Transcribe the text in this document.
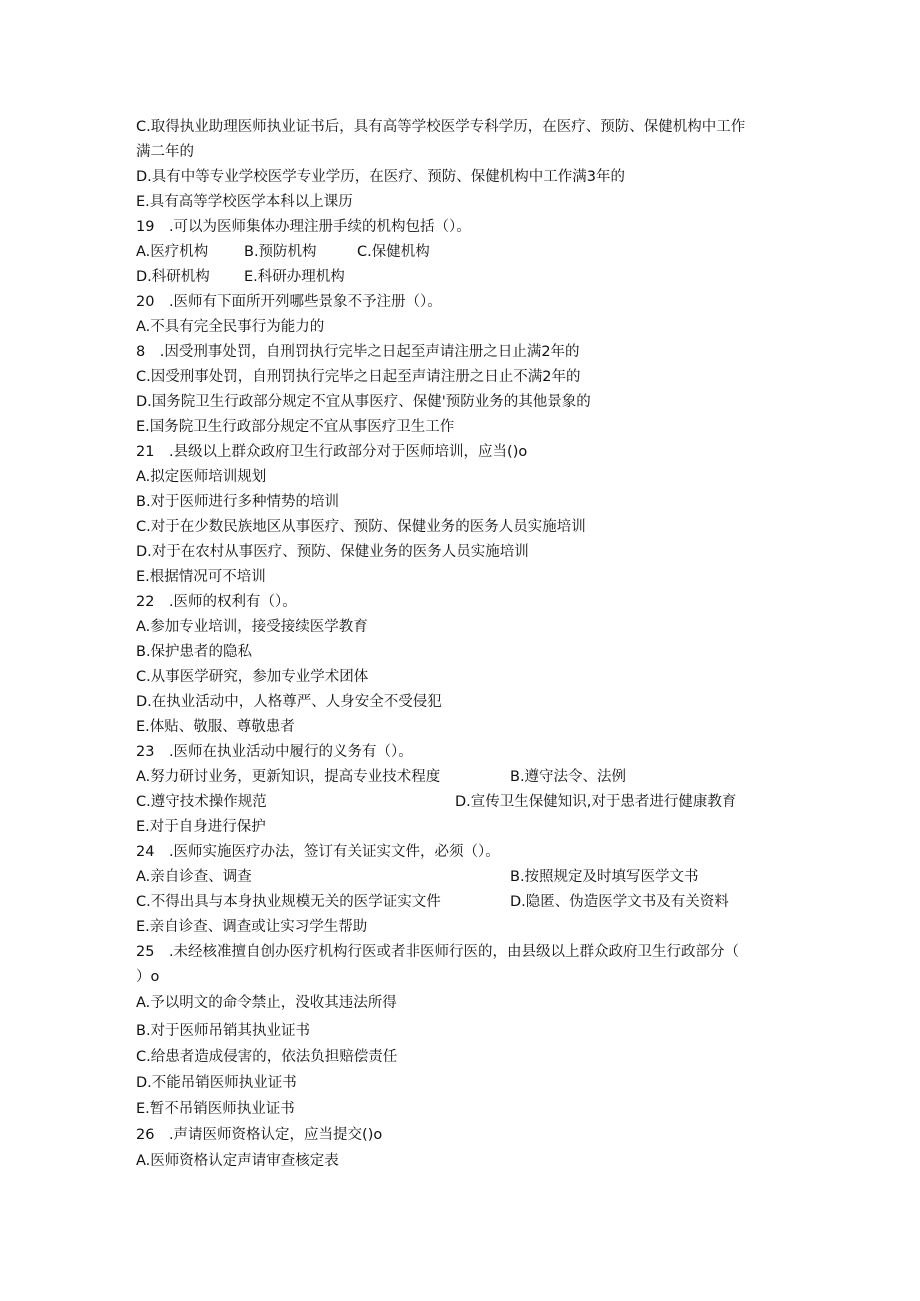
C.取得执业助理医师执业证书后，具有高等学校医学专科学历，在医疗、预防、保健机构中工作
满二年的
D.具有中等专业学校医学专业学历，在医疗、预防、保健机构中工作满3年的
E.具有高等学校医学本科以上课历
19　.可以为医师集体办理注册手续的机构包括（）。
A.医疗机构 B.预防机构	C.保健机构
D.科研机构 E.科研办理机构
20　.医师有下面所开列哪些景象不予注册（）。
A.不具有完全民事行为能力的
8　.因受刑事处罚，自刑罚执行完毕之日起至声请注册之日止满2年的
C.因受刑事处罚，自刑罚执行完毕之日起至声请注册之日止不满2年的
D.国务院卫生行政部分规定不宜从事医疗、保健'预防业务的其他景象的
E.国务院卫生行政部分规定不宜从事医疗卫生工作
21　.县级以上群众政府卫生行政部分对于医师培训，应当()o
A.拟定医师培训规划
B.对于医师进行多种情势的培训
C.对于在少数民族地区从事医疗、预防、保健业务的医务人员实施培训
D.对于在农村从事医疗、预防、保健业务的医务人员实施培训
E.根据情况可不培训
22　.医师的权利有（）。
A.参加专业培训，接受接续医学教育
B.保护患者的隐私
C.从事医学研究，参加专业学术团体
D.在执业活动中，人格尊严、人身安全不受侵犯
E.体贴、敬服、尊敬患者
23　.医师在执业活动中履行的义务有（）。
A.努力研讨业务，更新知识，提高专业技术程度	B.遵守法令、法例
C.遵守技术操作规范	D.宣传卫生保健知识,对于患者进行健康教育
E.对于自身进行保护
24　.医师实施医疗办法，签订有关证实文件，必须（）。
A.亲自诊查、调查	B.按照规定及时填写医学文书
C.不得出具与本身执业规模无关的医学证实文件	D.隐匿、伪造医学文书及有关资料
E.亲自诊查、调查或让实习学生帮助
25　.未经核准擅自创办医疗机构行医或者非医师行医的，由县级以上群众政府卫生行政部分（
）o
A.予以明文的命令禁止，没收其违法所得
B.对于医师吊销其执业证书
C.给患者造成侵害的，依法负担赔偿责任
D.不能吊销医师执业证书
E.暂不吊销医师执业证书
26　.声请医师资格认定，应当提交()o
A.医师资格认定声请审查核定表
